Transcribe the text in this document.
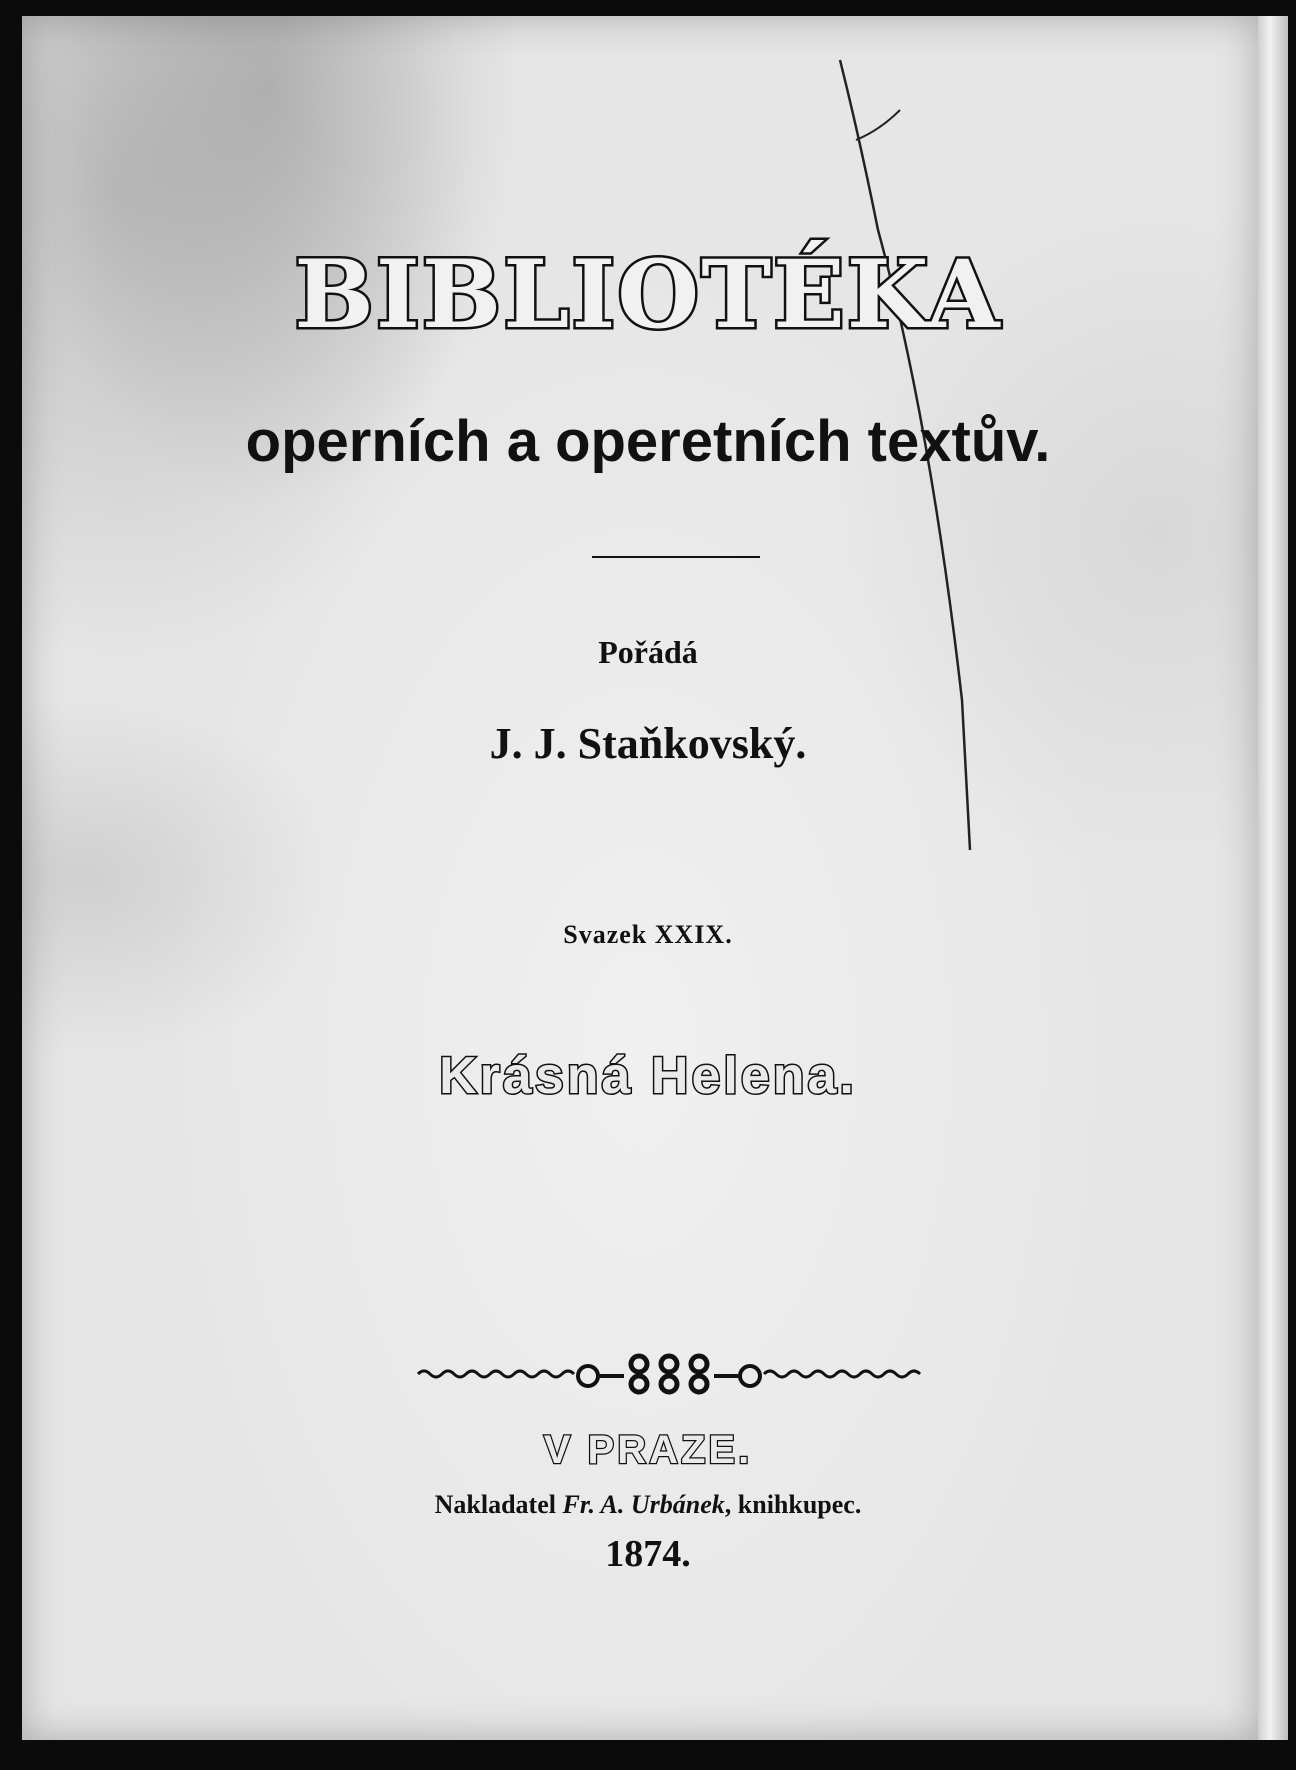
BIBLIOTÉKA
operních a operetních textův.
Pořádá
J. J. Staňkovský.
Svazek XXIX.
Krásná Helena.
V PRAZE.
Nakladatel Fr. A. Urbánek, knihkupec.
1874.
